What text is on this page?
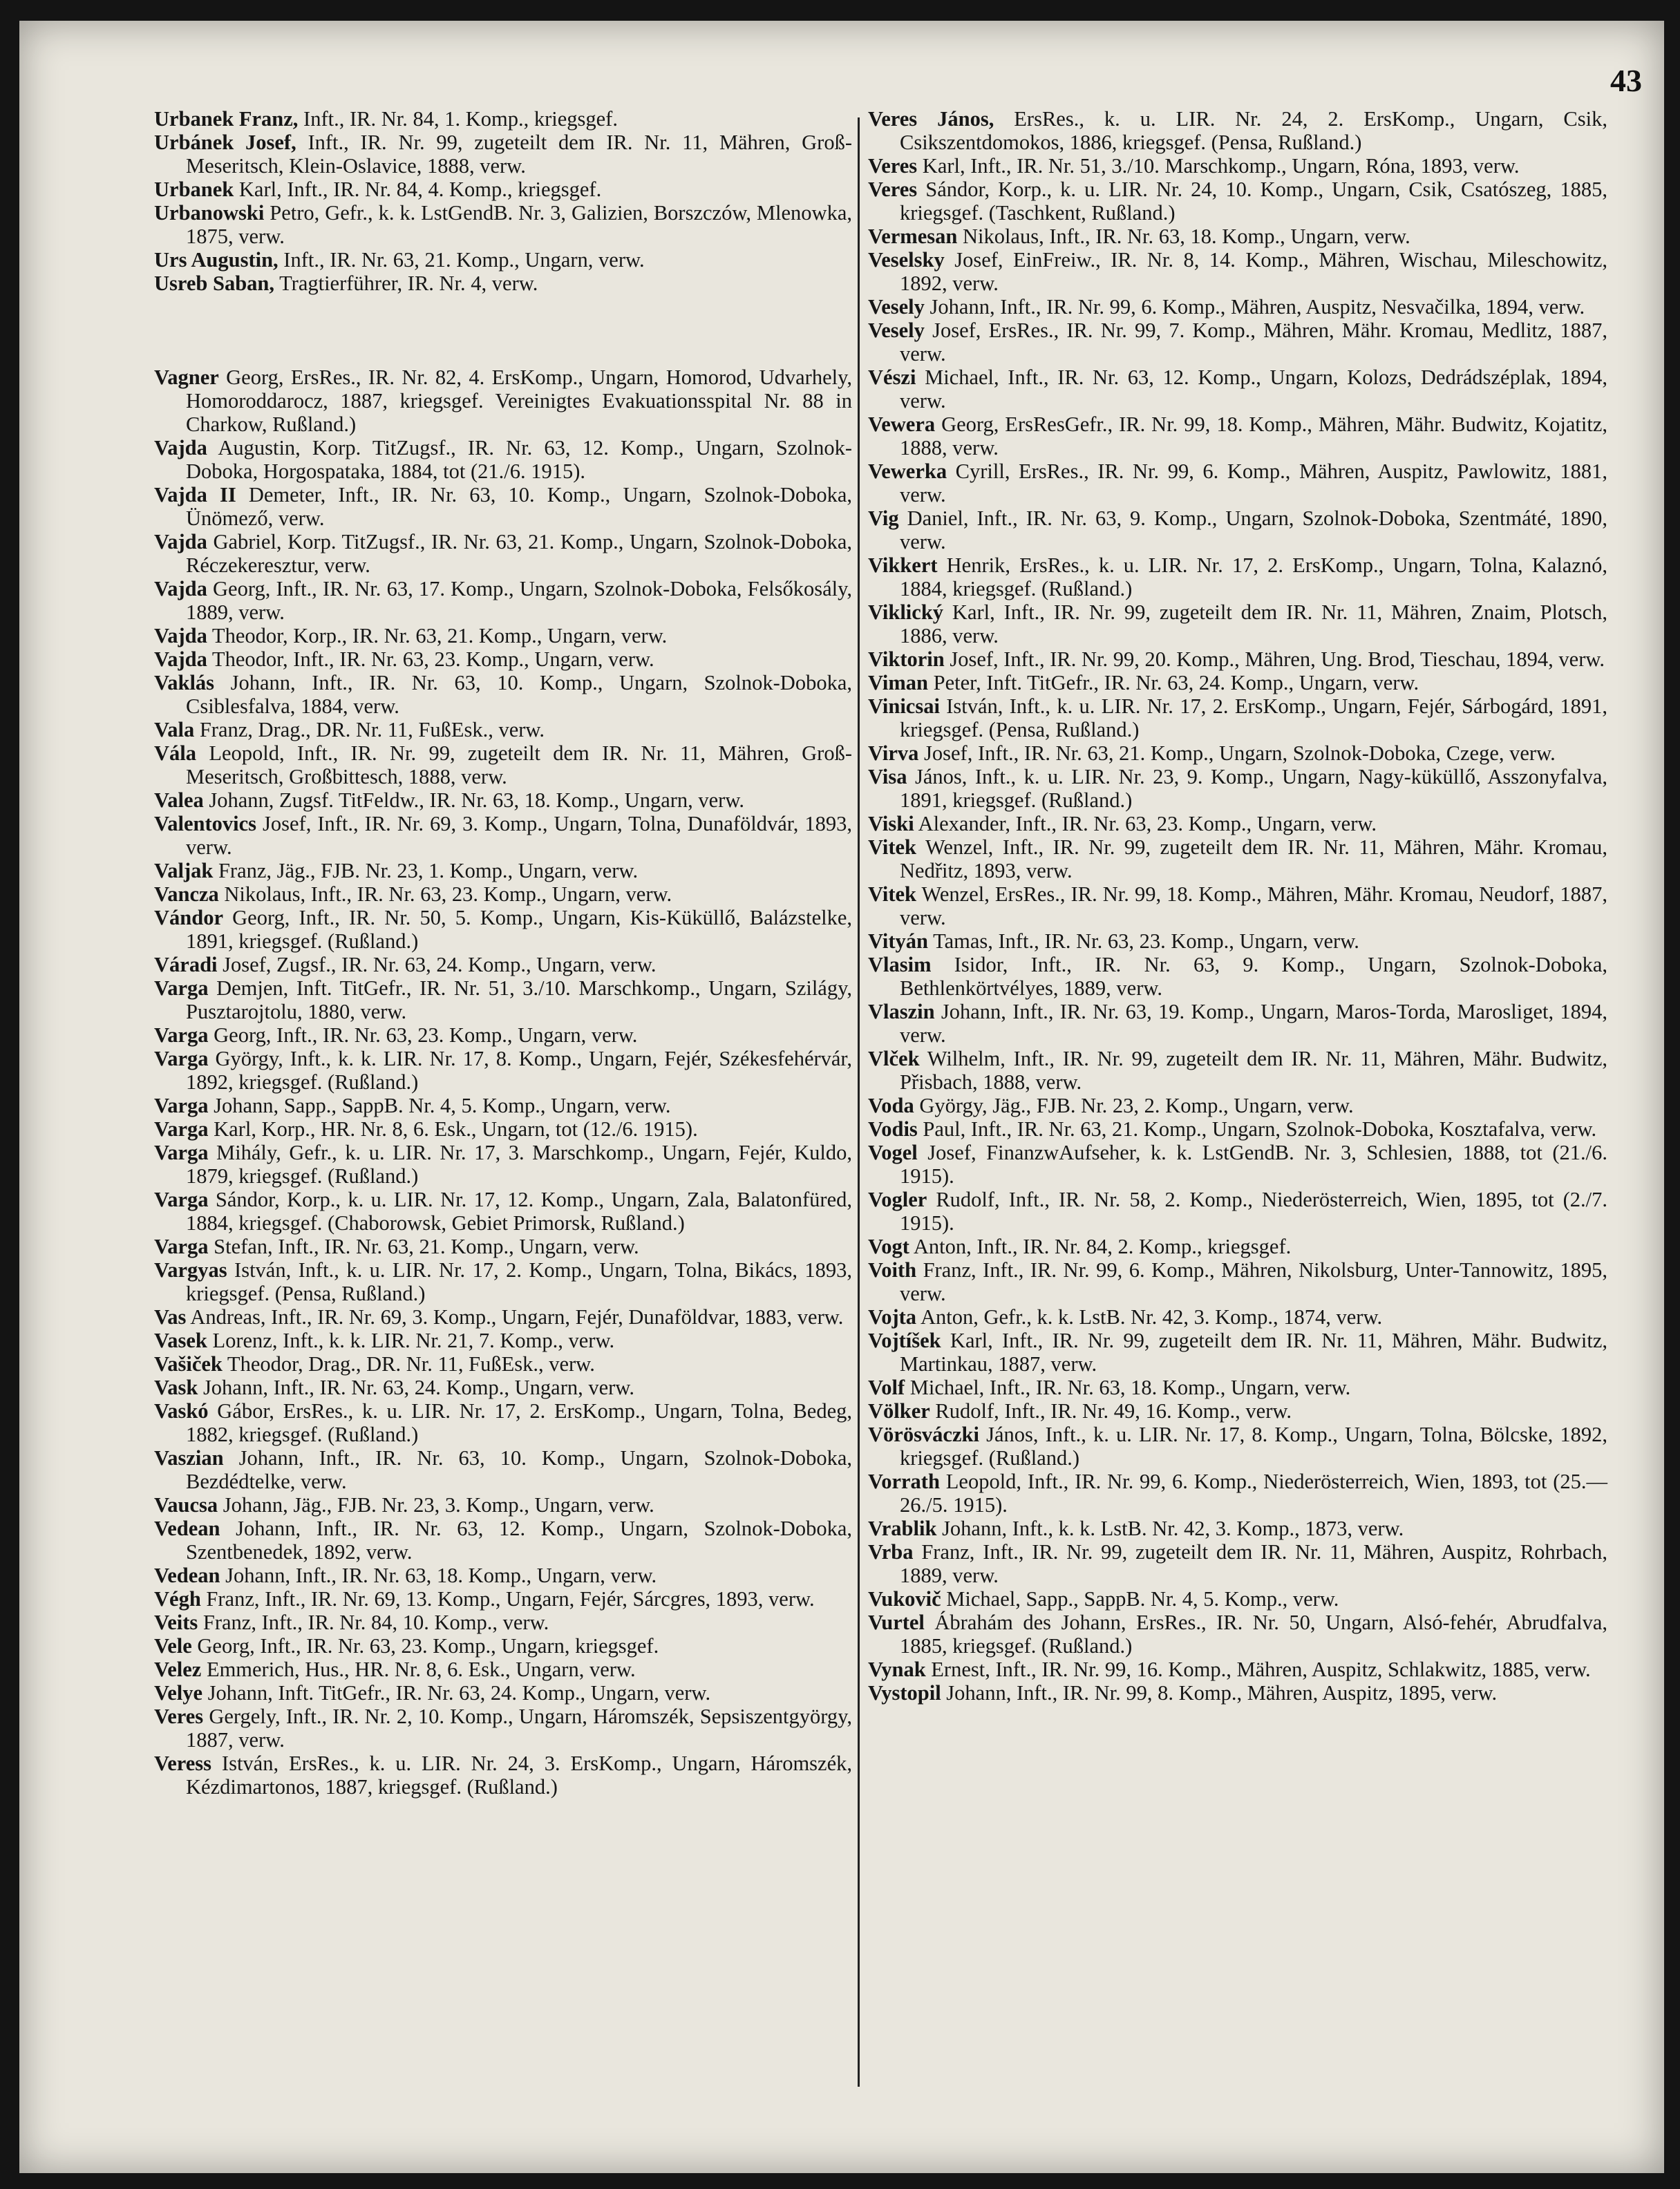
43

Urbanek Franz, Inft., IR. Nr. 84, 1. Komp., kriegsgef.

Urbánek Josef, Inft., IR. Nr. 99, zugeteilt dem IR. Nr. 11, Mähren, Groß-Meseritsch, Klein-Oslavice, 1888, verw.

Urbanek Karl, Inft., IR. Nr. 84, 4. Komp., kriegsgef.

Urbanowski Petro, Gefr., k. k. LstGendB. Nr. 3, Galizien, Borszczów, Mlenowka, 1875, verw.

Urs Augustin, Inft., IR. Nr. 63, 21. Komp., Ungarn, verw.

Usreb Saban, Tragtierführer, IR. Nr. 4, verw.

Vagner Georg, ErsRes., IR. Nr. 82, 4. ErsKomp., Ungarn, Homorod, Udvarhely, Homoroddarocz, 1887, kriegsgef. Vereinigtes Evakuationsspital Nr. 88 in Charkow, Rußland.)

Vajda Augustin, Korp. TitZugsf., IR. Nr. 63, 12. Komp., Ungarn, Szolnok-Doboka, Horgospataka, 1884, tot (21./6. 1915).

Vajda II Demeter, Inft., IR. Nr. 63, 10. Komp., Ungarn, Szolnok-Doboka, Ünömező, verw.

Vajda Gabriel, Korp. TitZugsf., IR. Nr. 63, 21. Komp., Ungarn, Szolnok-Doboka, Réczekeresztur, verw.

Vajda Georg, Inft., IR. Nr. 63, 17. Komp., Ungarn, Szolnok-Doboka, Felsőkosály, 1889, verw.

Vajda Theodor, Korp., IR. Nr. 63, 21. Komp., Ungarn, verw.

Vajda Theodor, Inft., IR. Nr. 63, 23. Komp., Ungarn, verw.

Vaklás Johann, Inft., IR. Nr. 63, 10. Komp., Ungarn, Szolnok-Doboka, Csiblesfalva, 1884, verw.

Vala Franz, Drag., DR. Nr. 11, FußEsk., verw.

Vála Leopold, Inft., IR. Nr. 99, zugeteilt dem IR. Nr. 11, Mähren, Groß-Meseritsch, Großbittesch, 1888, verw.

Valea Johann, Zugsf. TitFeldw., IR. Nr. 63, 18. Komp., Ungarn, verw.

Valentovics Josef, Inft., IR. Nr. 69, 3. Komp., Ungarn, Tolna, Dunaföldvár, 1893, verw.

Valjak Franz, Jäg., FJB. Nr. 23, 1. Komp., Ungarn, verw.

Vancza Nikolaus, Inft., IR. Nr. 63, 23. Komp., Ungarn, verw.

Vándor Georg, Inft., IR. Nr. 50, 5. Komp., Ungarn, Kis-Küküllő, Balázstelke, 1891, kriegsgef. (Rußland.)

Váradi Josef, Zugsf., IR. Nr. 63, 24. Komp., Ungarn, verw.

Varga Demjen, Inft. TitGefr., IR. Nr. 51, 3./10. Marschkomp., Ungarn, Szilágy, Pusztarojtolu, 1880, verw.

Varga Georg, Inft., IR. Nr. 63, 23. Komp., Ungarn, verw.

Varga György, Inft., k. k. LIR. Nr. 17, 8. Komp., Ungarn, Fejér, Székesfehérvár, 1892, kriegsgef. (Rußland.)

Varga Johann, Sapp., SappB. Nr. 4, 5. Komp., Ungarn, verw.

Varga Karl, Korp., HR. Nr. 8, 6. Esk., Ungarn, tot (12./6. 1915).

Varga Mihály, Gefr., k. u. LIR. Nr. 17, 3. Marschkomp., Ungarn, Fejér, Kuldo, 1879, kriegsgef. (Rußland.)

Varga Sándor, Korp., k. u. LIR. Nr. 17, 12. Komp., Ungarn, Zala, Balatonfüred, 1884, kriegsgef. (Chaborowsk, Gebiet Primorsk, Rußland.)

Varga Stefan, Inft., IR. Nr. 63, 21. Komp., Ungarn, verw.

Vargyas István, Inft., k. u. LIR. Nr. 17, 2. Komp., Ungarn, Tolna, Bikács, 1893, kriegsgef. (Pensa, Rußland.)

Vas Andreas, Inft., IR. Nr. 69, 3. Komp., Ungarn, Fejér, Dunaföldvar, 1883, verw.

Vasek Lorenz, Inft., k. k. LIR. Nr. 21, 7. Komp., verw.

Vašiček Theodor, Drag., DR. Nr. 11, FußEsk., verw.

Vask Johann, Inft., IR. Nr. 63, 24. Komp., Ungarn, verw.

Vaskó Gábor, ErsRes., k. u. LIR. Nr. 17, 2. ErsKomp., Ungarn, Tolna, Bedeg, 1882, kriegsgef. (Rußland.)

Vaszian Johann, Inft., IR. Nr. 63, 10. Komp., Ungarn, Szolnok-Doboka, Bezdédtelke, verw.

Vaucsa Johann, Jäg., FJB. Nr. 23, 3. Komp., Ungarn, verw.

Vedean Johann, Inft., IR. Nr. 63, 12. Komp., Ungarn, Szolnok-Doboka, Szentbenedek, 1892, verw.

Vedean Johann, Inft., IR. Nr. 63, 18. Komp., Ungarn, verw.

Végh Franz, Inft., IR. Nr. 69, 13. Komp., Ungarn, Fejér, Sárcgres, 1893, verw.

Veits Franz, Inft., IR. Nr. 84, 10. Komp., verw.

Vele Georg, Inft., IR. Nr. 63, 23. Komp., Ungarn, kriegsgef.

Velez Emmerich, Hus., HR. Nr. 8, 6. Esk., Ungarn, verw.

Velye Johann, Inft. TitGefr., IR. Nr. 63, 24. Komp., Ungarn, verw.

Veres Gergely, Inft., IR. Nr. 2, 10. Komp., Ungarn, Háromszék, Sepsiszentgyörgy, 1887, verw.

Veress István, ErsRes., k. u. LIR. Nr. 24, 3. ErsKomp., Ungarn, Háromszék, Kézdimartonos, 1887, kriegsgef. (Rußland.)

Veres János, ErsRes., k. u. LIR. Nr. 24, 2. ErsKomp., Ungarn, Csik, Csikszentdomokos, 1886, kriegsgef. (Pensa, Rußland.)

Veres Karl, Inft., IR. Nr. 51, 3./10. Marschkomp., Ungarn, Róna, 1893, verw.

Veres Sándor, Korp., k. u. LIR. Nr. 24, 10. Komp., Ungarn, Csik, Csatószeg, 1885, kriegsgef. (Taschkent, Rußland.)

Vermesan Nikolaus, Inft., IR. Nr. 63, 18. Komp., Ungarn, verw.

Veselsky Josef, EinFreiw., IR. Nr. 8, 14. Komp., Mähren, Wischau, Mileschowitz, 1892, verw.

Vesely Johann, Inft., IR. Nr. 99, 6. Komp., Mähren, Auspitz, Nesvačilka, 1894, verw.

Vesely Josef, ErsRes., IR. Nr. 99, 7. Komp., Mähren, Mähr. Kromau, Medlitz, 1887, verw.

Vészi Michael, Inft., IR. Nr. 63, 12. Komp., Ungarn, Kolozs, Dedrádszéplak, 1894, verw.

Vewera Georg, ErsResGefr., IR. Nr. 99, 18. Komp., Mähren, Mähr. Budwitz, Kojatitz, 1888, verw.

Vewerka Cyrill, ErsRes., IR. Nr. 99, 6. Komp., Mähren, Auspitz, Pawlowitz, 1881, verw.

Vig Daniel, Inft., IR. Nr. 63, 9. Komp., Ungarn, Szolnok-Doboka, Szentmáté, 1890, verw.

Vikkert Henrik, ErsRes., k. u. LIR. Nr. 17, 2. ErsKomp., Ungarn, Tolna, Kalaznó, 1884, kriegsgef. (Rußland.)

Viklický Karl, Inft., IR. Nr. 99, zugeteilt dem IR. Nr. 11, Mähren, Znaim, Plotsch, 1886, verw.

Viktorin Josef, Inft., IR. Nr. 99, 20. Komp., Mähren, Ung. Brod, Tieschau, 1894, verw.

Viman Peter, Inft. TitGefr., IR. Nr. 63, 24. Komp., Ungarn, verw.

Vinicsai István, Inft., k. u. LIR. Nr. 17, 2. ErsKomp., Ungarn, Fejér, Sárbogárd, 1891, kriegsgef. (Pensa, Rußland.)

Virva Josef, Inft., IR. Nr. 63, 21. Komp., Ungarn, Szolnok-Doboka, Czege, verw.

Visa János, Inft., k. u. LIR. Nr. 23, 9. Komp., Ungarn, Nagy-küküllő, Asszonyfalva, 1891, kriegsgef. (Rußland.)

Viski Alexander, Inft., IR. Nr. 63, 23. Komp., Ungarn, verw.

Vitek Wenzel, Inft., IR. Nr. 99, zugeteilt dem IR. Nr. 11, Mähren, Mähr. Kromau, Nedřitz, 1893, verw.

Vitek Wenzel, ErsRes., IR. Nr. 99, 18. Komp., Mähren, Mähr. Kromau, Neudorf, 1887, verw.

Vityán Tamas, Inft., IR. Nr. 63, 23. Komp., Ungarn, verw.

Vlasim Isidor, Inft., IR. Nr. 63, 9. Komp., Ungarn, Szolnok-Doboka, Bethlenkörtvélyes, 1889, verw.

Vlaszin Johann, Inft., IR. Nr. 63, 19. Komp., Ungarn, Maros-Torda, Marosliget, 1894, verw.

Vlček Wilhelm, Inft., IR. Nr. 99, zugeteilt dem IR. Nr. 11, Mähren, Mähr. Budwitz, Přisbach, 1888, verw.

Voda György, Jäg., FJB. Nr. 23, 2. Komp., Ungarn, verw.

Vodis Paul, Inft., IR. Nr. 63, 21. Komp., Ungarn, Szolnok-Doboka, Kosztafalva, verw.

Vogel Josef, FinanzwAufseher, k. k. LstGendB. Nr. 3, Schlesien, 1888, tot (21./6. 1915).

Vogler Rudolf, Inft., IR. Nr. 58, 2. Komp., Niederösterreich, Wien, 1895, tot (2./7. 1915).

Vogt Anton, Inft., IR. Nr. 84, 2. Komp., kriegsgef.

Voith Franz, Inft., IR. Nr. 99, 6. Komp., Mähren, Nikolsburg, Unter-Tannowitz, 1895, verw.

Vojta Anton, Gefr., k. k. LstB. Nr. 42, 3. Komp., 1874, verw.

Vojtíšek Karl, Inft., IR. Nr. 99, zugeteilt dem IR. Nr. 11, Mähren, Mähr. Budwitz, Martinkau, 1887, verw.

Volf Michael, Inft., IR. Nr. 63, 18. Komp., Ungarn, verw.

Völker Rudolf, Inft., IR. Nr. 49, 16. Komp., verw.

Vörösváczki János, Inft., k. u. LIR. Nr. 17, 8. Komp., Ungarn, Tolna, Bölcske, 1892, kriegsgef. (Rußland.)

Vorrath Leopold, Inft., IR. Nr. 99, 6. Komp., Niederösterreich, Wien, 1893, tot (25.—26./5. 1915).

Vrablik Johann, Inft., k. k. LstB. Nr. 42, 3. Komp., 1873, verw.

Vrba Franz, Inft., IR. Nr. 99, zugeteilt dem IR. Nr. 11, Mähren, Auspitz, Rohrbach, 1889, verw.

Vukovič Michael, Sapp., SappB. Nr. 4, 5. Komp., verw.

Vurtel Ábrahám des Johann, ErsRes., IR. Nr. 50, Ungarn, Alsó-fehér, Abrudfalva, 1885, kriegsgef. (Rußland.)

Vynak Ernest, Inft., IR. Nr. 99, 16. Komp., Mähren, Auspitz, Schlakwitz, 1885, verw.

Vystopil Johann, Inft., IR. Nr. 99, 8. Komp., Mähren, Auspitz, 1895, verw.
